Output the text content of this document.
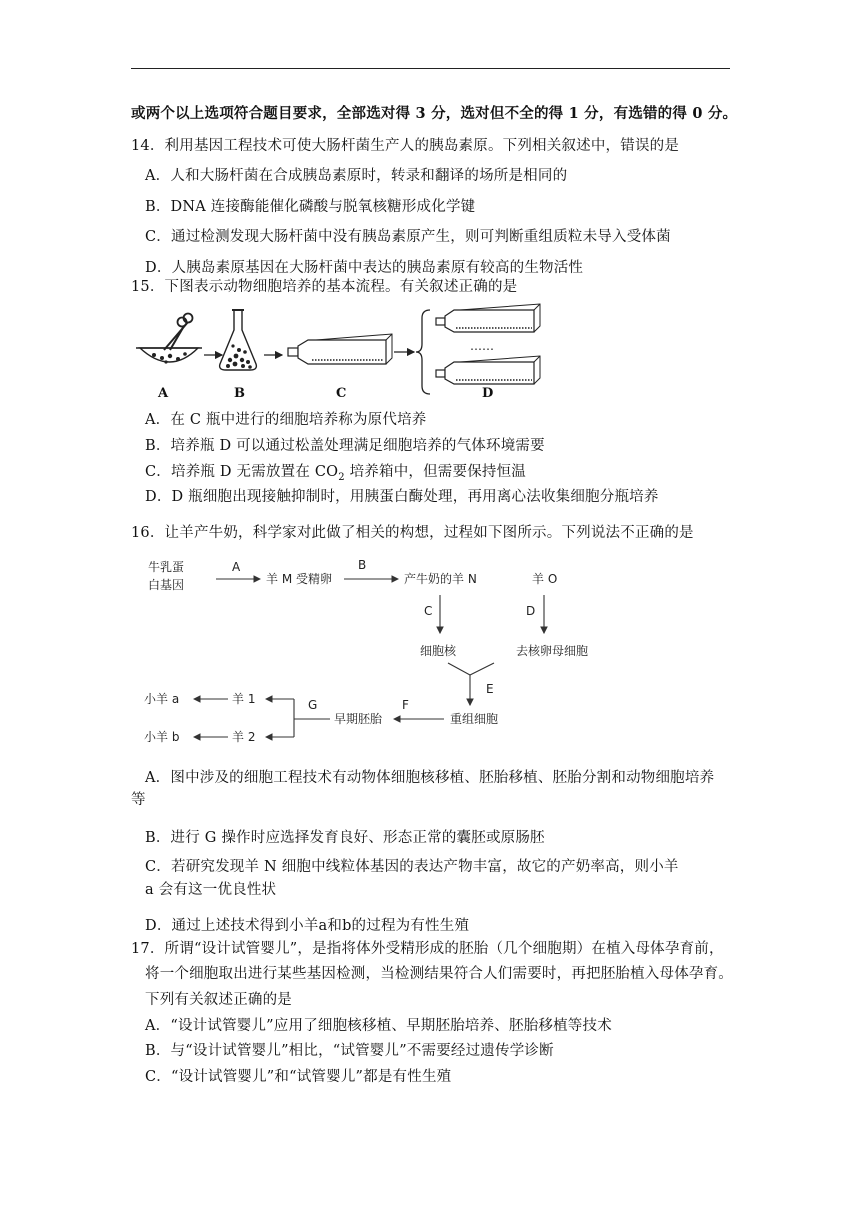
或两个以上选项符合题目要求，全部选对得 3 分，选对但不全的得 1 分，有选错的得 0 分。
14．利用基因工程技术可使大肠杆菌生产人的胰岛素原。下列相关叙述中，错误的是
A．人和大肠杆菌在合成胰岛素原时，转录和翻译的场所是相同的
B．DNA 连接酶能催化磷酸与脱氧核糖形成化学键
C．通过检测发现大肠杆菌中没有胰岛素原产生，则可判断重组质粒未导入受体菌
D．人胰岛素原基因在大肠杆菌中表达的胰岛素原有较高的生物活性
15．下图表示动物细胞培养的基本流程。有关叙述正确的是
……
A	B	C	D
A．在 C 瓶中进行的细胞培养称为原代培养
B．培养瓶 D 可以通过松盖处理满足细胞培养的气体环境需要
C．培养瓶 D 无需放置在 $CO_2$ 培养箱中，但需要保持恒温
D．D 瓶细胞出现接触抑制时，用胰蛋白酶处理，再用离心法收集细胞分瓶培养
16．让羊产牛奶，科学家对此做了相关的构想，过程如下图所示。下列说法不正确的是
牛乳蛋
白基因
A
羊 M 受精卵
B
产牛奶的羊 N	羊 O
C	D
细胞核	去核卵母细胞
E
重组细胞
F
早期胚胎
G
羊 1
羊 2
小羊 a
小羊 b
A．图中涉及的细胞工程技术有动物体细胞核移植、胚胎移植、胚胎分割和动物细胞培养
等
B．进行 G 操作时应选择发育良好、形态正常的囊胚或原肠胚
C．若研究发现羊 N 细胞中线粒体基因的表达产物丰富，故它的产奶率高，则小羊
a 会有这一优良性状
D．通过上述技术得到小羊a和b的过程为有性生殖
17．所谓“设计试管婴儿”，是指将体外受精形成的胚胎（几个细胞期）在植入母体孕育前，
将一个细胞取出进行某些基因检测，当检测结果符合人们需要时，再把胚胎植入母体孕育。
下列有关叙述正确的是
A．“设计试管婴儿”应用了细胞核移植、早期胚胎培养、胚胎移植等技术
B．与“设计试管婴儿”相比，“试管婴儿”不需要经过遗传学诊断
C．“设计试管婴儿”和“试管婴儿”都是有性生殖
